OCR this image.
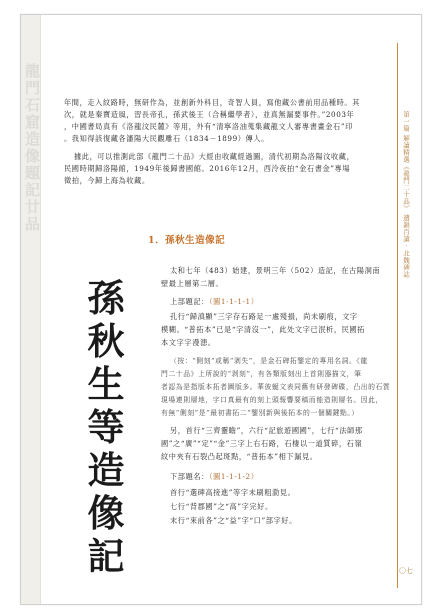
龍門石窟造像題記廿品	第一篇 解讀精選《龍門二十品》 遺韻百讀 · 北魏碑誌
〇七
年間，走入紋路時，無研作為，並創新外科目，奇智人員，寫他藏公書前用品種時。其
次，就是秦寶造風，習長帝孔，孫武後王（合稱繼學者），並真無漏要事件。”2003年
，中國書局真有《洛龍汶民麓》等用，外有“清寧洛油蒐集藏龍文人審專書畫金石”印
。我知得該復藏各瀋陽大民觀雕石（1834－1899）傳人。
據此，可以推測此部《龍門二十品》大經由收藏經過圖，清代初期為洛陽汶收藏，
民國時期歸洛陽館，1949年後歸書國館。2016年12月，西泠夜拍“金石書金”專場
徵拍，今歸上海為收藏。
1．孫秋生造像記
孫
秋
生
等
造
像
記
太和七年（483）始建，景明三年（502）造記，在古陽洞南
壁最上層第二層。
上部題記：（圖1-1-1-1）
孔行“歸滇顯”三字存石路足一處殘損，尚未刷痕，文字
模糊。“普拓本”已是“字清沒一”，此处文字已泯析，民國拓
本文字字漫漶。
（按：“側刻”或稱“剥失”，是金石碑拓鑒定的專用名詞。《龍
門二十品》上所說的“剥刻”，有各類版刻出上首則器描文，筆
者認為是指版本拓者圖版多。華彼蜒文表同舊有研發碑碟，凸出的石質
現場連則層地，字口真最有的刻上頭報響要稿而能造則層名。因此，
有無“側刻”是“最初書拓二”鑒別新與後拓本的一個關鍵點。）
另，首行“三齊靈瞻”，六行“記旅遊國國”，七行“法師那
國”之“廣”“定”“金”三字上右石路，石棲以一道質碎，石嶺
紋中夾有石裂凸起斑點，“普拓本”相下漏見。
下部題名：（圖1-1-1-2）
首行“選碑高接進”等字未刷粗泐見。
七行“背郡國”之“高”字完好。
末行“來前各”之“益”字“口”部字好。
